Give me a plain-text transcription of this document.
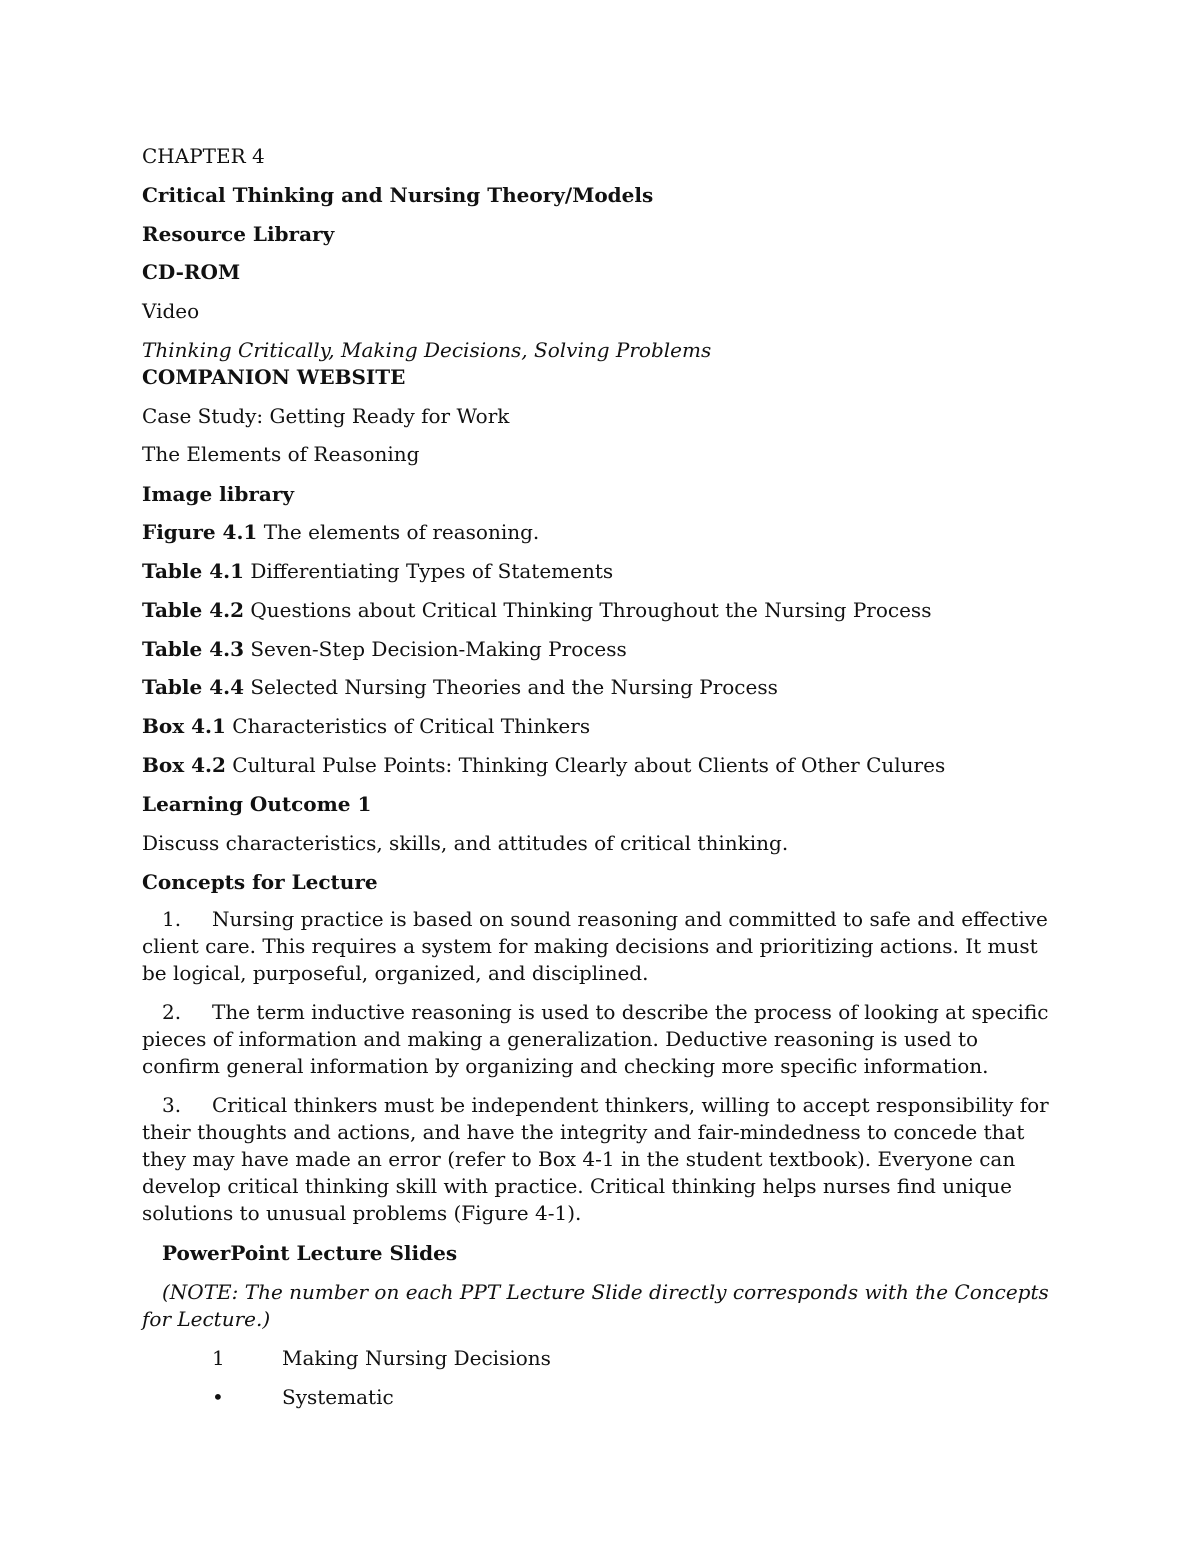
CHAPTER 4
Critical Thinking and Nursing Theory/Models
Resource Library
CD-ROM
Video
Thinking Critically, Making Decisions, Solving Problems
COMPANION WEBSITE
Case Study: Getting Ready for Work
The Elements of Reasoning
Image library
Figure 4.1 The elements of reasoning.
Table 4.1 Differentiating Types of Statements
Table 4.2 Questions about Critical Thinking Throughout the Nursing Process
Table 4.3 Seven-Step Decision-Making Process
Table 4.4 Selected Nursing Theories and the Nursing Process
Box 4.1 Characteristics of Critical Thinkers
Box 4.2 Cultural Pulse Points: Thinking Clearly about Clients of Other Culures
Learning Outcome 1
Discuss characteristics, skills, and attitudes of critical thinking.
Concepts for Lecture
1. Nursing practice is based on sound reasoning and committed to safe and effective client care. This requires a system for making decisions and prioritizing actions. It must be logical, purposeful, organized, and disciplined.
2. The term inductive reasoning is used to describe the process of looking at specific pieces of information and making a generalization. Deductive reasoning is used to confirm general information by organizing and checking more specific information.
3. Critical thinkers must be independent thinkers, willing to accept responsibility for their thoughts and actions, and have the integrity and fair-mindedness to concede that they may have made an error (refer to Box 4-1 in the student textbook). Everyone can develop critical thinking skill with practice. Critical thinking helps nurses find unique solutions to unusual problems (Figure 4-1).
PowerPoint Lecture Slides
(NOTE: The number on each PPT Lecture Slide directly corresponds with the Concepts for Lecture.)
1	Making Nursing Decisions
•	Systematic
